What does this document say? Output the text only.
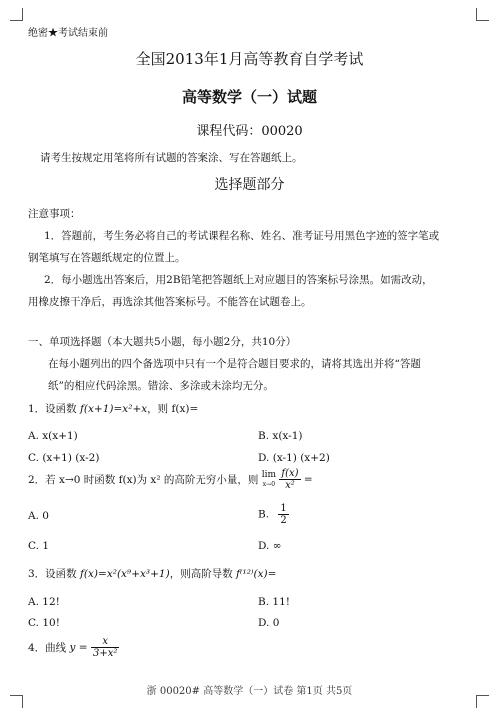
绝密★考试结束前
全国2013年1月高等教育自学考试
高等数学（一）试题
课程代码：00020
请考生按规定用笔将所有试题的答案涂、写在答题纸上。
选择题部分
注意事项：
1．答题前，考生务必将自己的考试课程名称、姓名、准考证号用黑色字迹的签字笔或
钢笔填写在答题纸规定的位置上。
2．每小题选出答案后，用2B铅笔把答题纸上对应题目的答案标号涂黑。如需改动，
用橡皮擦干净后，再选涂其他答案标号。不能答在试题卷上。
一、单项选择题（本大题共5小题，每小题2分，共10分）
在每小题列出的四个备选项中只有一个是符合题目要求的，请将其选出并将“答题
纸”的相应代码涂黑。错涂、多涂或未涂均无分。
1．设函数 f(x+1)=x²+x，则 f(x)=
A. x(x+1)	B. x(x-1)
C. (x+1) (x-2)	D. (x-1) (x+2)
2．若 x→0 时函数 f(x)为 x² 的高阶无穷小量，则 lim
x→0
$\frac{f(x)}{\text{x²}}$ =
A. 0	B. $\frac{1}{2}$
C. 1	D. ∞
3．设函数 f(x)=x²(x⁹+x³+1)，则高阶导数 f⁽¹²⁾(x)=
A. 12!	B. 11!
C. 10!	D. 0
4．曲线 $y = \frac{x}{\text{3+x²}}$
浙 00020# 高等数学（一）试卷 第1页 共5页
